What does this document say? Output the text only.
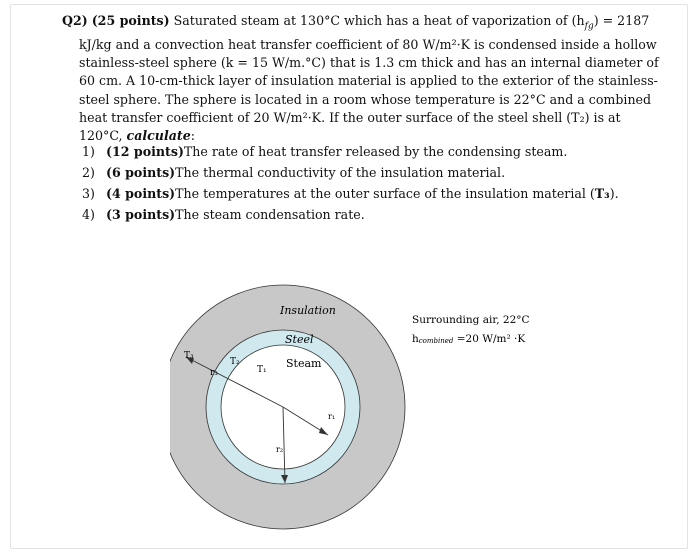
Q2) (25 points) Saturated steam at 130°C which has a heat of vaporization of $(h_{fg}) = 2187$ kJ/kg and a convection heat transfer coefficient of 80 W/m²·K is condensed inside a hollow stainless-steel sphere (k = 15 W/m.°C) that is 1.3 cm thick and has an internal diameter of 60 cm. A 10-cm-thick layer of insulation material is applied to the exterior of the stainless-steel sphere. The sphere is located in a room whose temperature is 22°C and a combined heat transfer coefficient of 20 W/m²·K. If the outer surface of the steel shell (T₂) is at 120°C, calculate:

1) (12 points)The rate of heat transfer released by the condensing steam.

2) (6 points)The thermal conductivity of the insulation material.

3) (4 points)The temperatures at the outer surface of the insulation material (T₃).

4) (3 points)The steam condensation rate.

Insulation
Steel
Steam
T₃
r₃
T₂
T₁
r₁
r₂
Surrounding air, 22°C
hcombined =20 W/m² ·K
